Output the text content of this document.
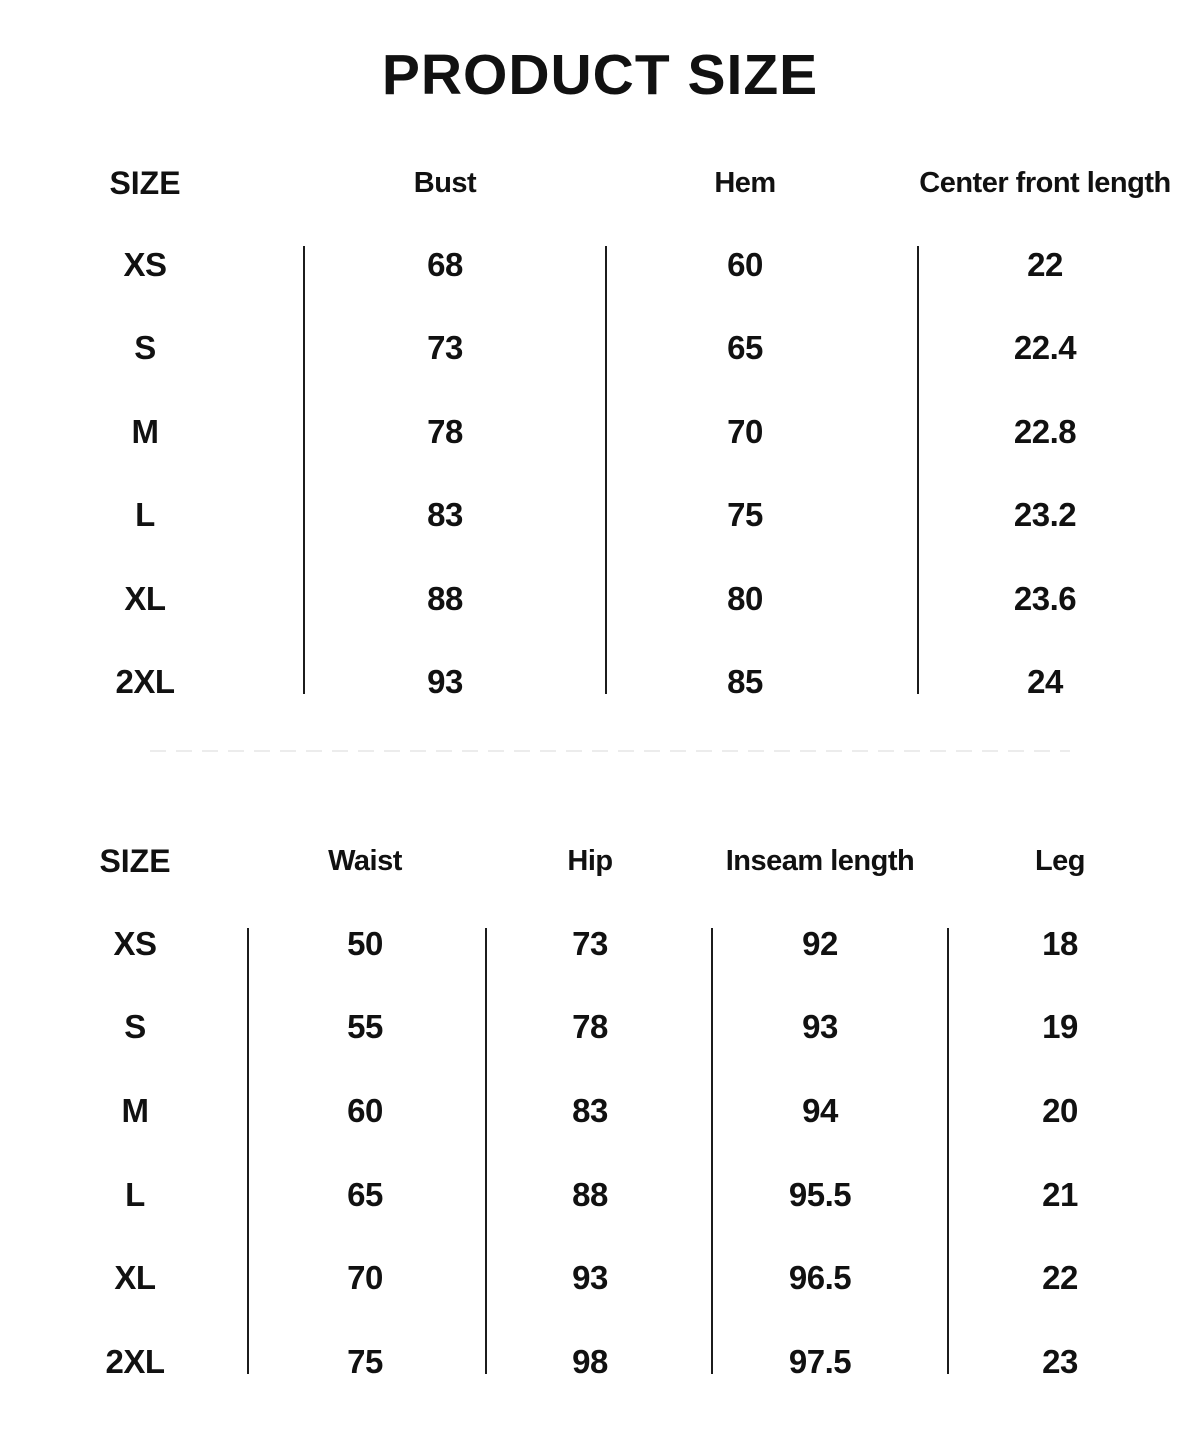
PRODUCT SIZE
SIZE	Bust	Hem	Center front length
XS	68	60	22
S	73	65	22.4
M	78	70	22.8
L	83	75	23.2
XL	88	80	23.6
2XL	93	85	24
SIZE	Waist	Hip	Inseam length	Leg
XS	50	73	92	18
S	55	78	93	19
M	60	83	94	20
L	65	88	95.5	21
XL	70	93	96.5	22
2XL	75	98	97.5	23
